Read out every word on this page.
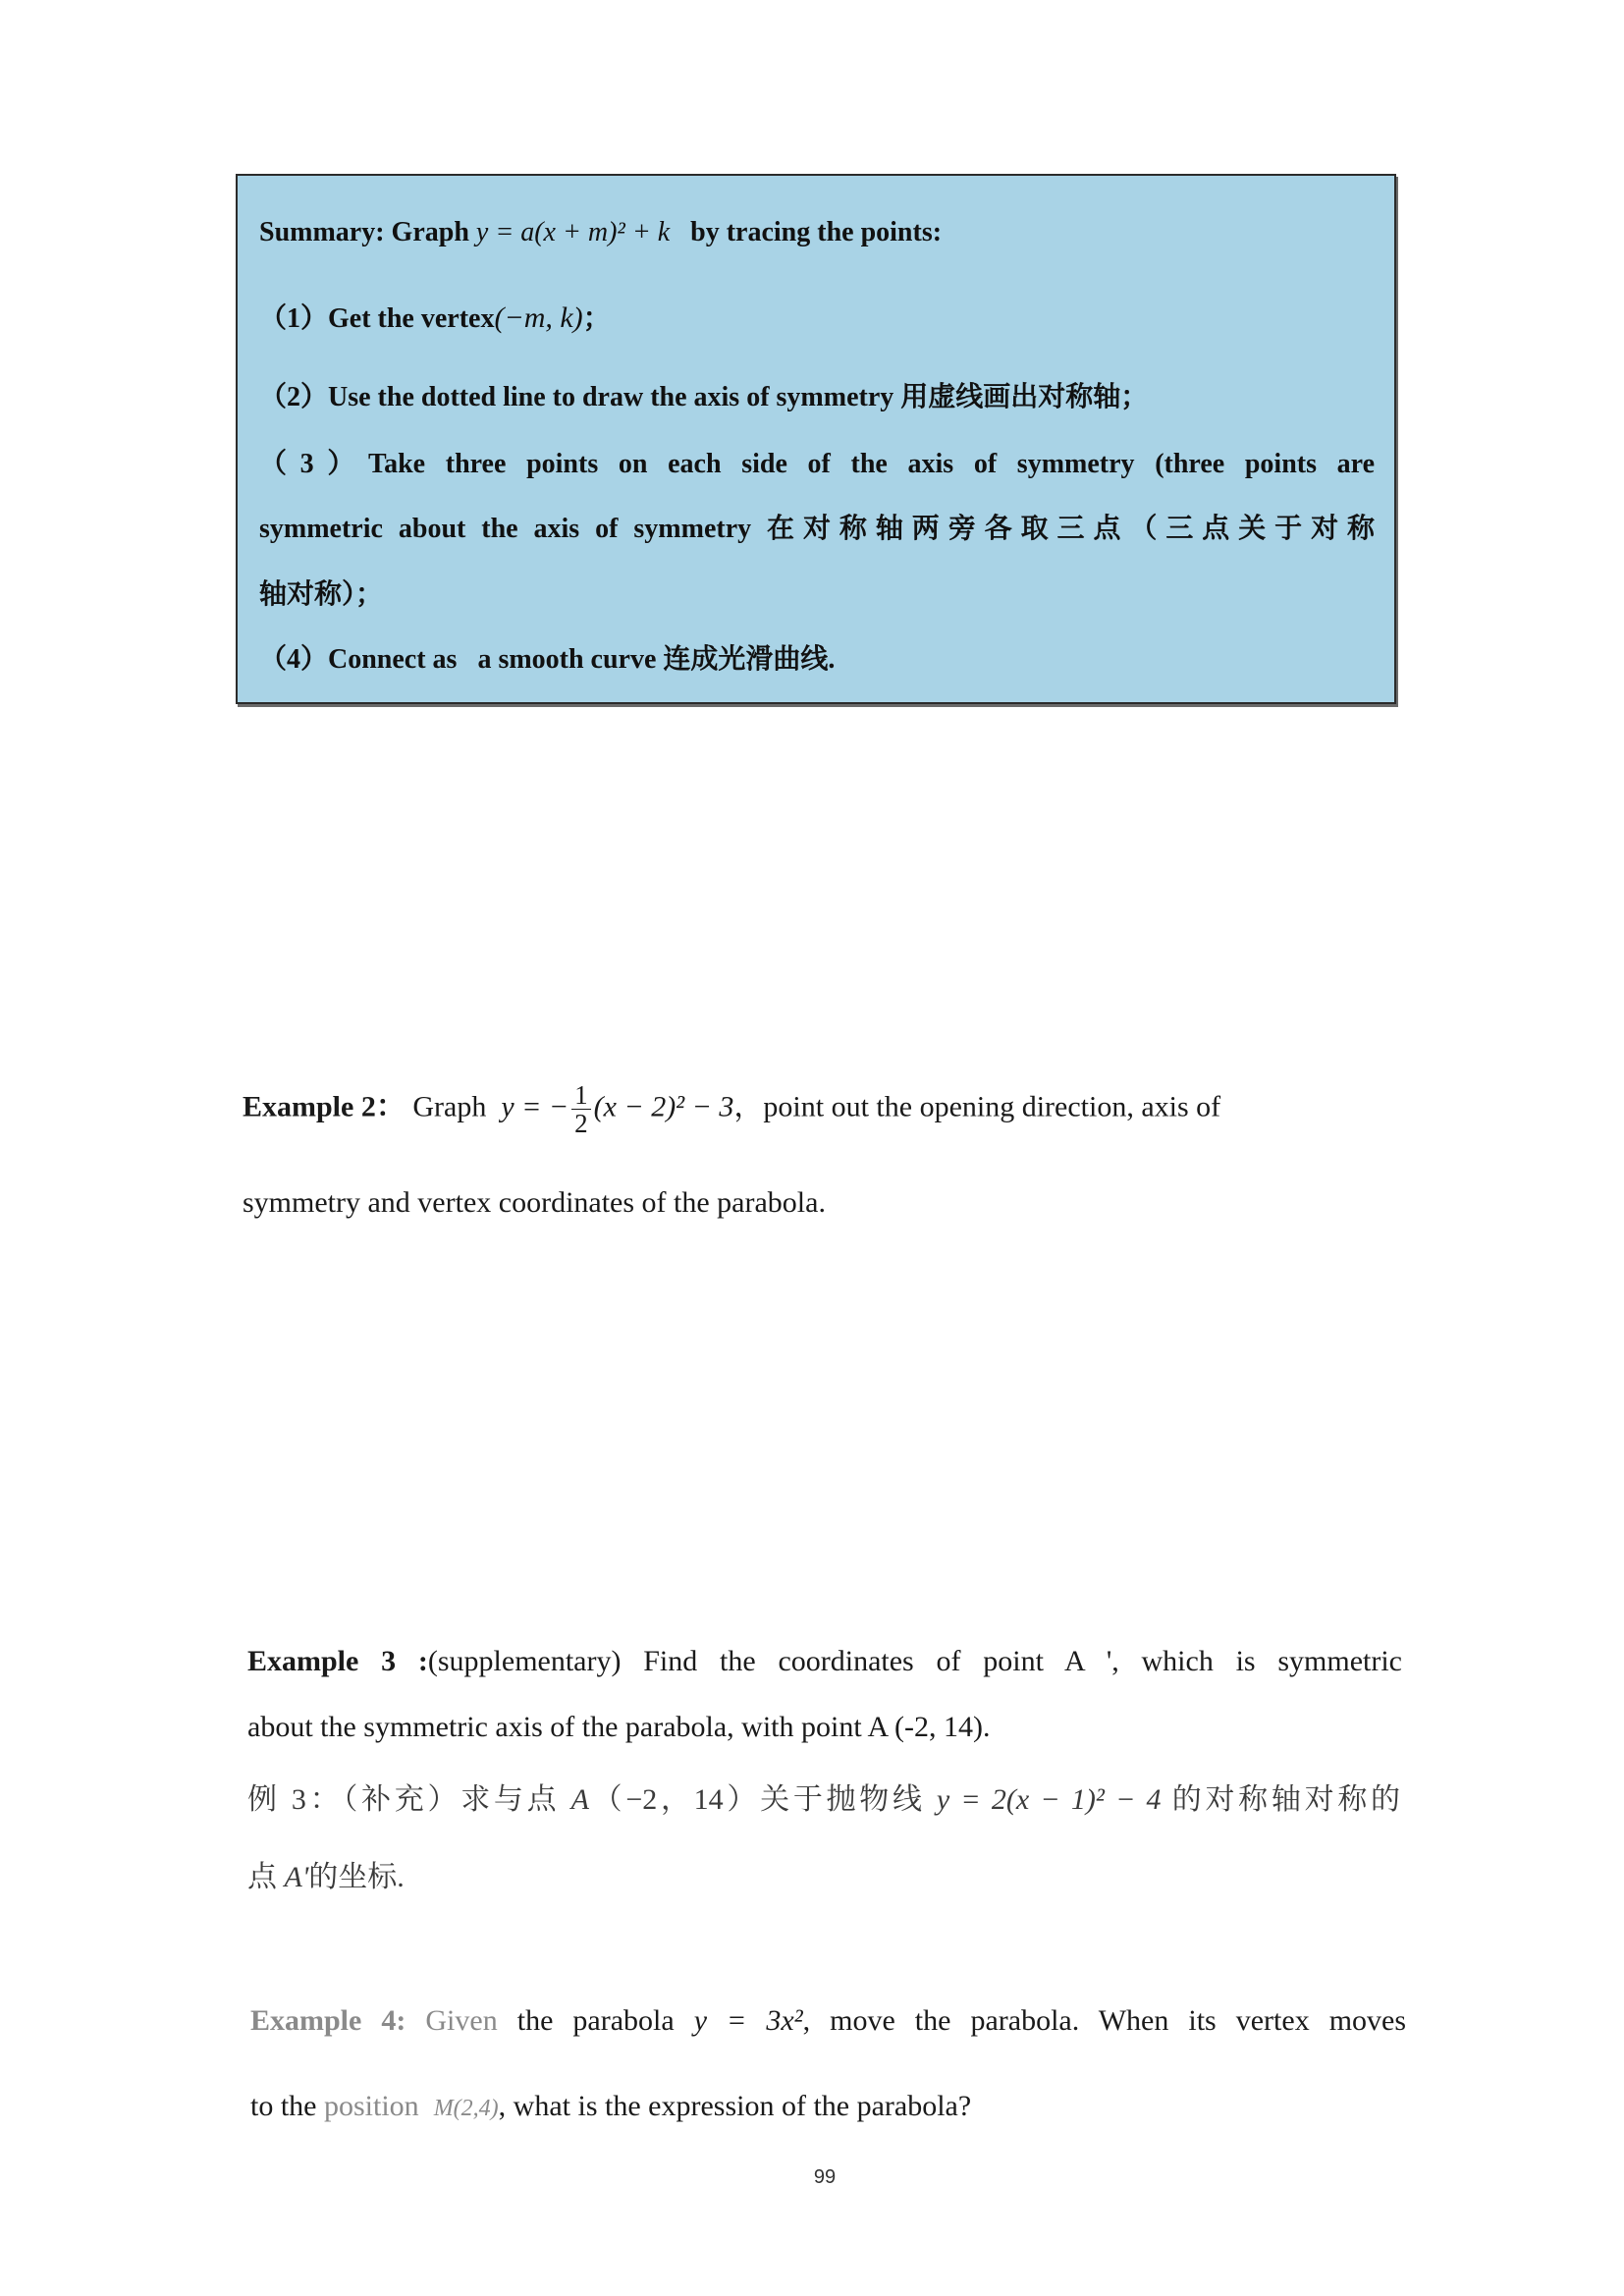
Summary: Graph y = a(x + m)² + k by tracing the points:
（1）Get the vertex(−m, k)；
（2）Use the dotted line to draw the axis of symmetry 用虚线画出对称轴；
（3）Take three points on each side of the axis of symmetry (three points are
symmetric about the axis of symmetry 在对称轴两旁各取三点（三点关于对称
轴对称）；
（4）Connect as   a smooth curve 连成光滑曲线.
Example 2： Graph y = − $\frac{1}{2} (x - 2)^2 - 3$，point out the opening direction, axis of
symmetry and vertex coordinates of the parabola.
Example 3 :(supplementary) Find the coordinates of point A ', which is symmetric
about the symmetric axis of the parabola, with point A (-2, 14).
例 3：（补充）求与点 A（−2，14）关于抛物线 y = 2(x − 1)² − 4 的对称轴对称的
点 A'的坐标.
Example 4: Given the parabola y = 3x², move the parabola. When its vertex moves
to the position M(2,4), what is the expression of the parabola?
99
